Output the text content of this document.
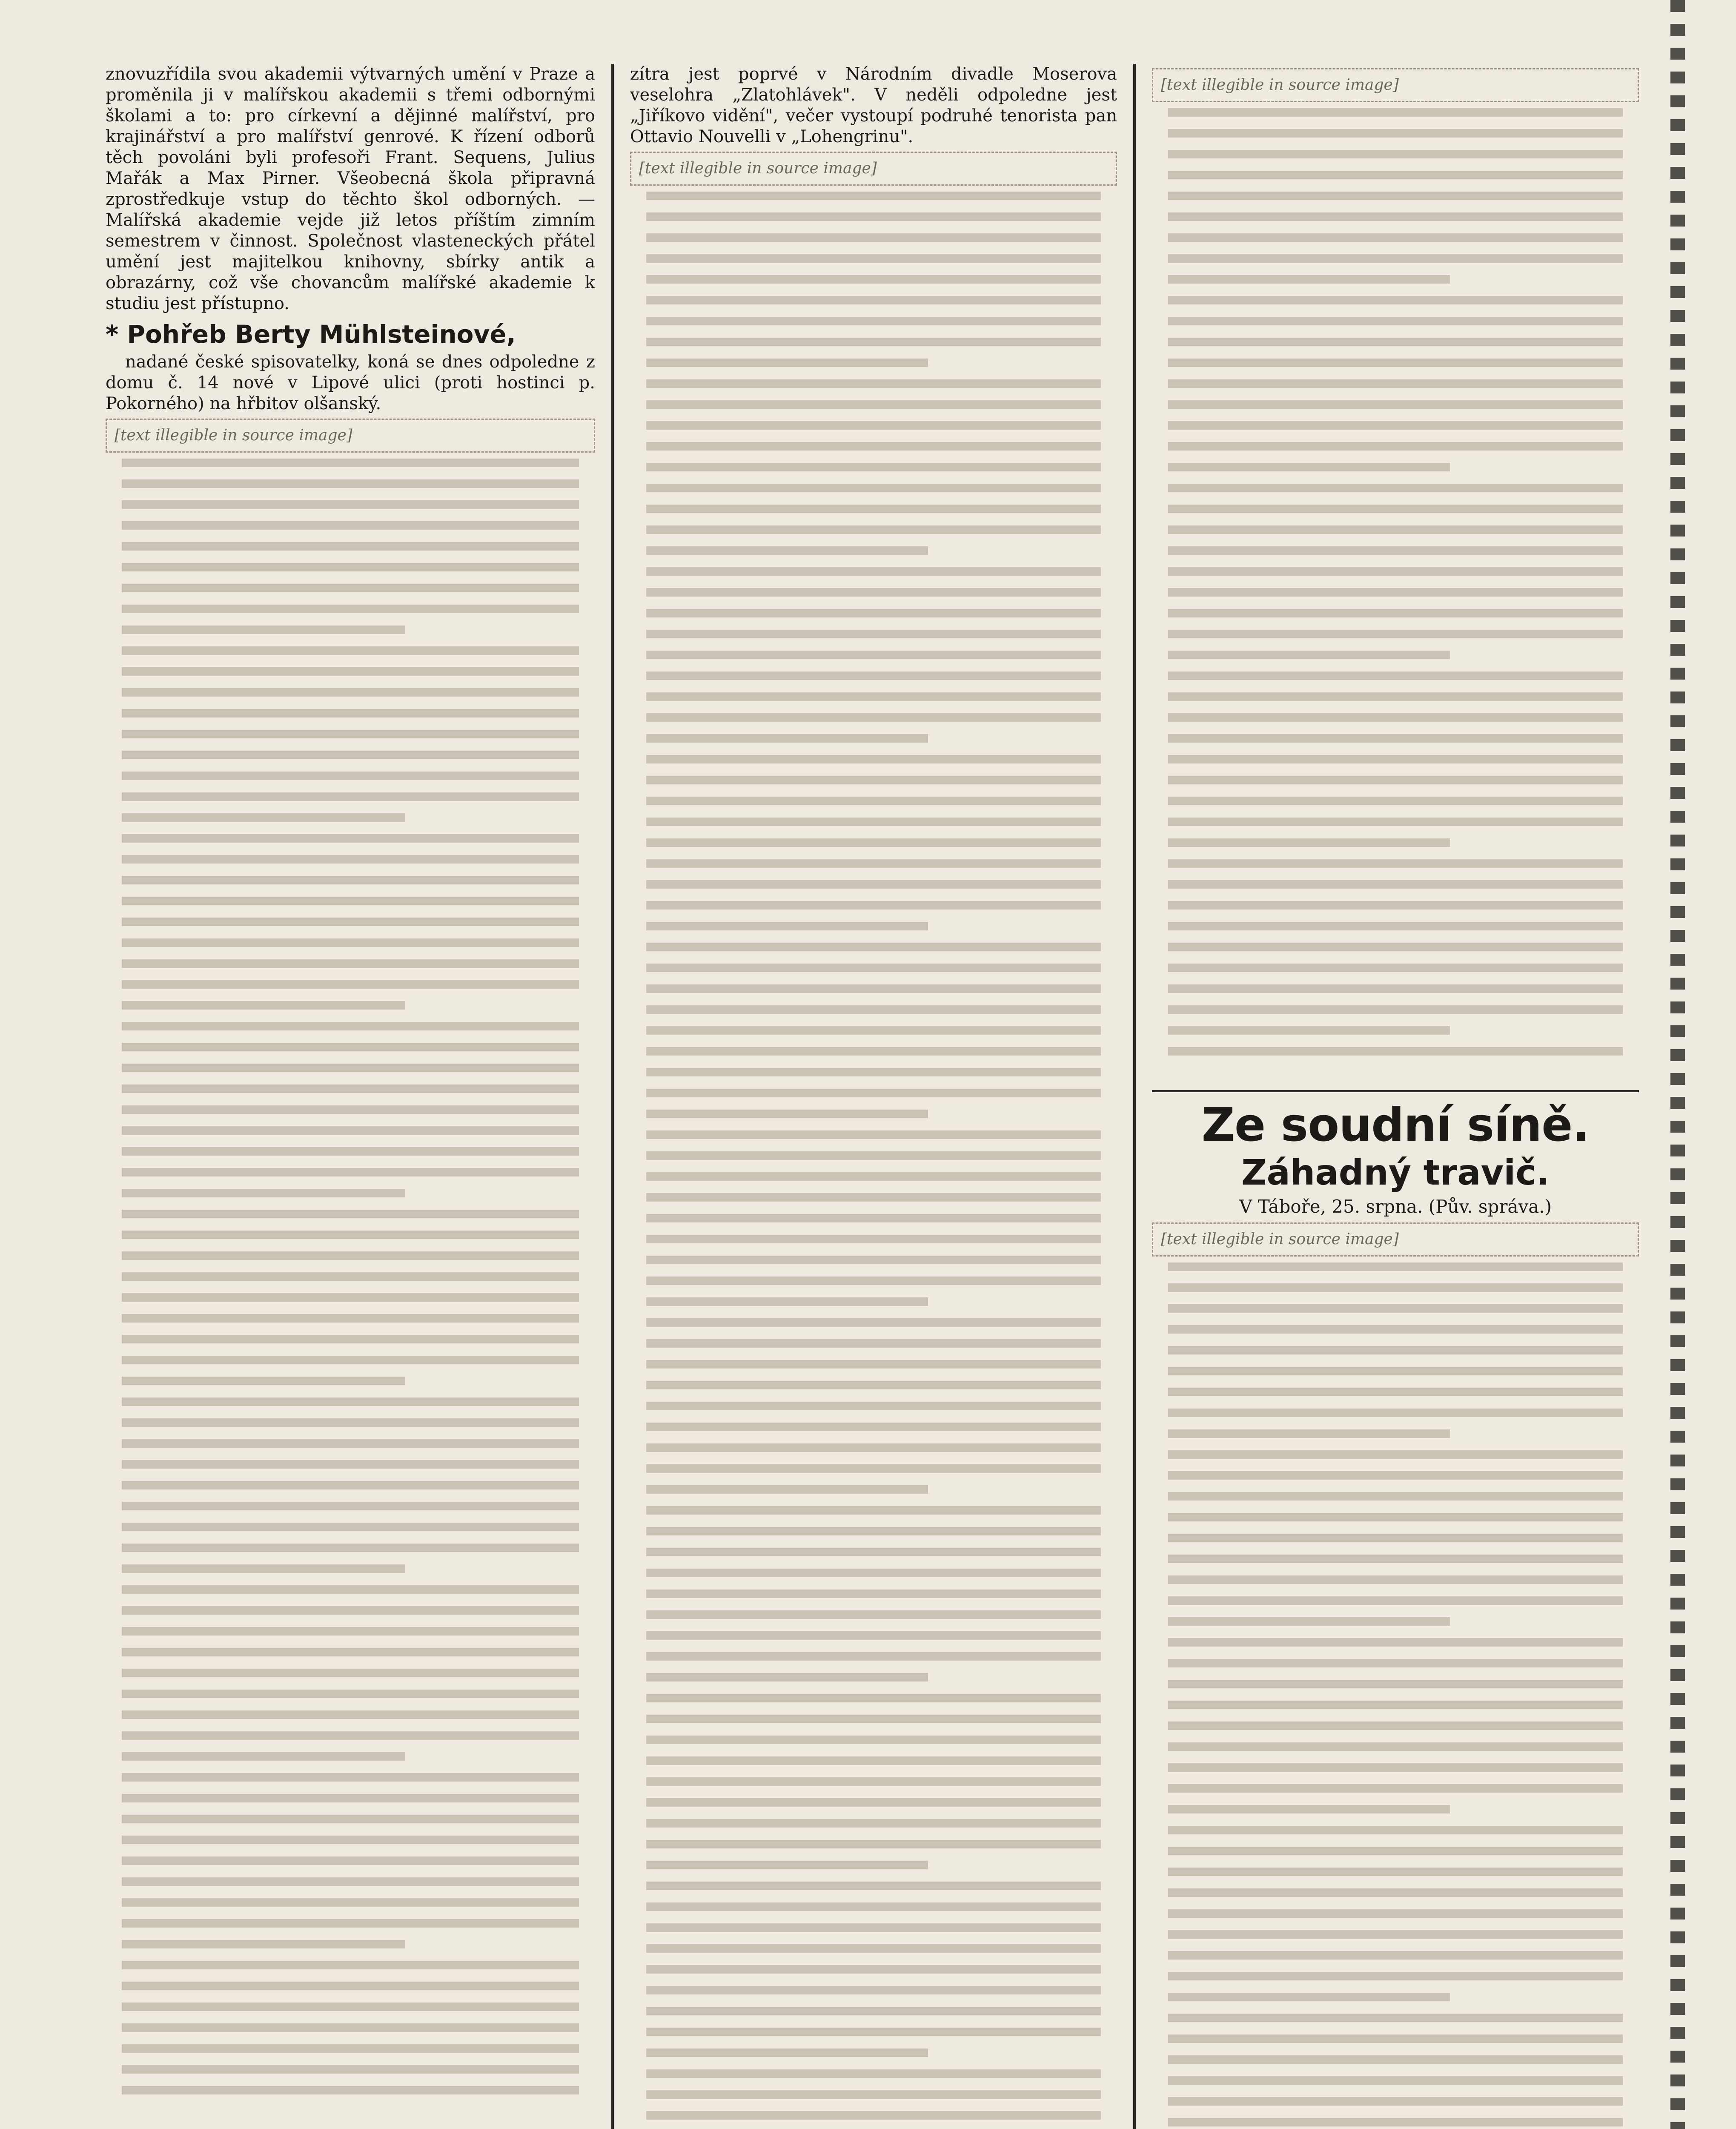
znovuzřídila svou akademii výtvarných umění v Praze a proměnila ji v malířskou akademii s třemi odbornými školami a to: pro církevní a dějinné malířství, pro krajinářství a pro malířství genrové. K řízení odborů těch povoláni byli profesoři Frant. Sequens, Julius Mařák a Max Pirner. Všeobecná škola připravná zprostředkuje vstup do těchto škol odborných. — Malířská akademie vejde již letos příštím zimním semestrem v činnost. Společnost vlasteneckých přátel umění jest majitelkou knihovny, sbírky antik a obrazárny, což vše chovancům malířské akademie k studiu jest přístupno.

* Pohřeb Berty Mühlsteinové,

nadané české spisovatelky, koná se dnes odpoledne z domu č. 14 nové v Lipové ulici (proti hostinci p. Pokorného) na hřbitov olšanský.

[text illegible in source image]

zítra jest poprvé v Národním divadle Moserova veselohra „Zlatohlávek". V neděli odpoledne jest „Jiříkovo vidění", večer vystoupí podruhé tenorista pan Ottavio Nouvelli v „Lohengrinu".

[text illegible in source image]
[text illegible in source image]
Ze soudní síně.
Záhadný travič.
V Táboře, 25. srpna. (Pův. správa.)
[text illegible in source image]
